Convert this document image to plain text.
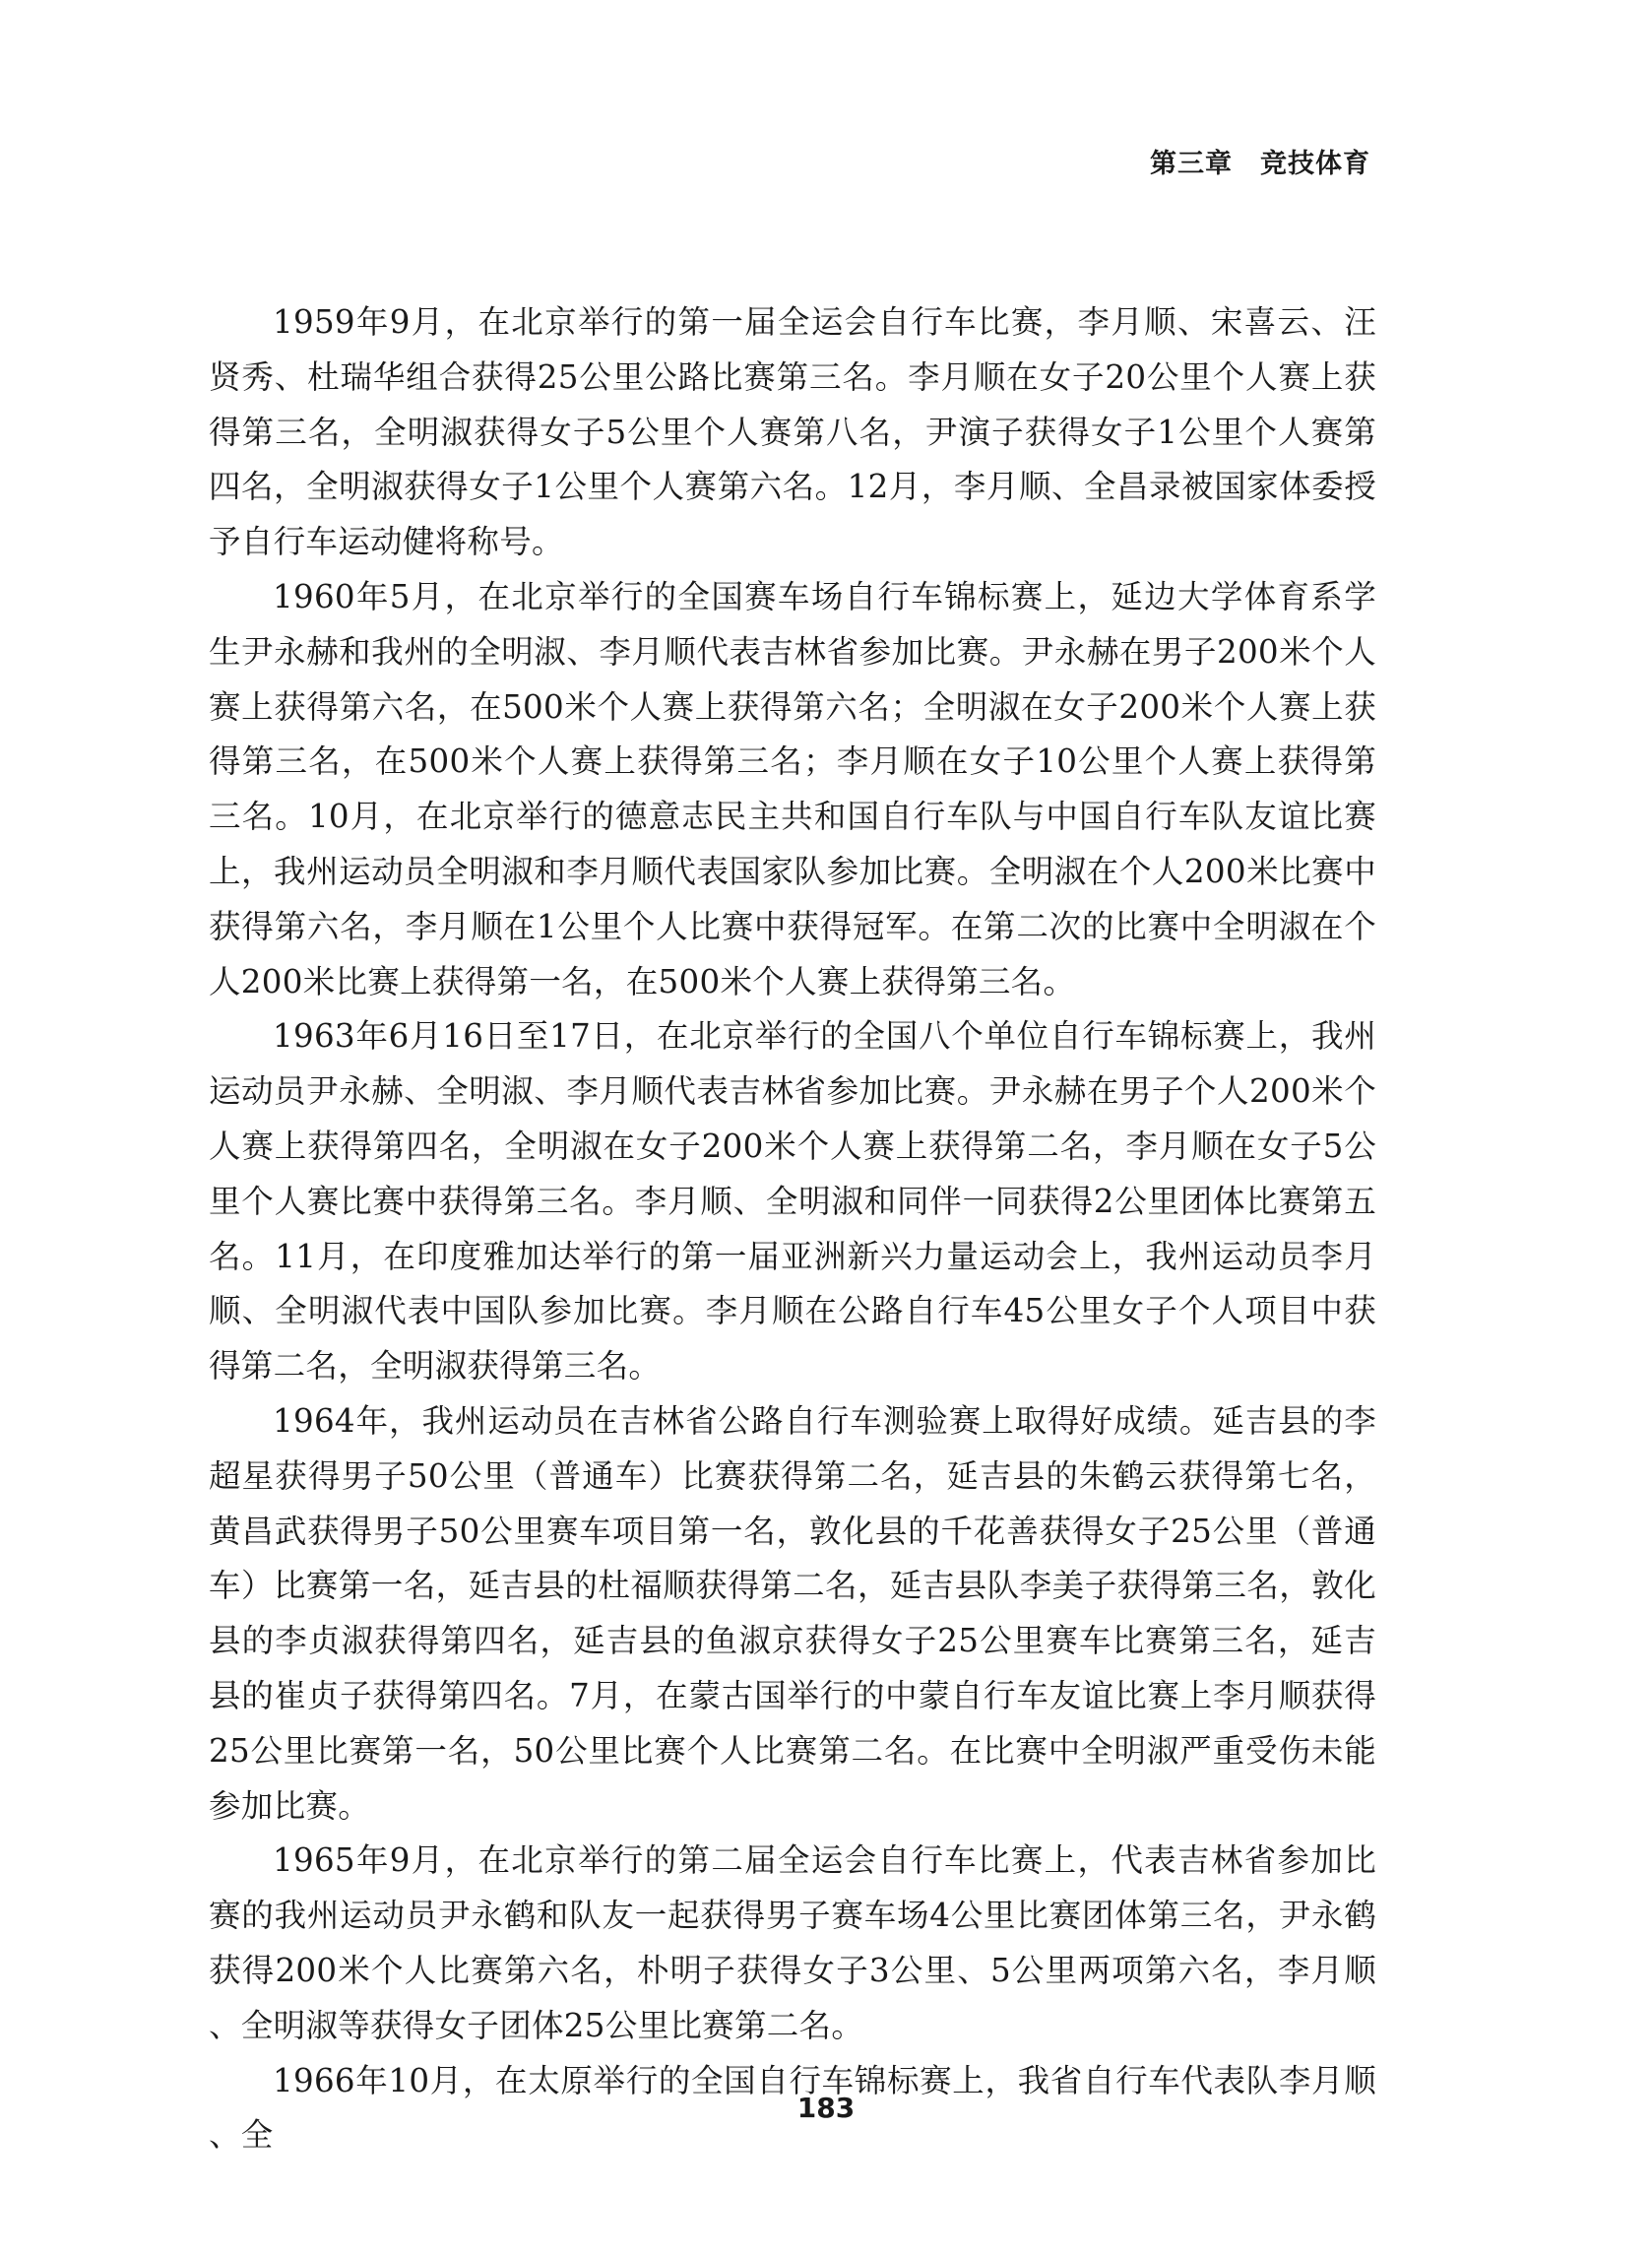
第三章　竞技体育

1959年9月，在北京举行的第一届全运会自行车比赛，李月顺、宋喜云、汪贤秀、杜瑞华组合获得25公里公路比赛第三名。李月顺在女子20公里个人赛上获得第三名，全明淑获得女子5公里个人赛第八名，尹演子获得女子1公里个人赛第四名，全明淑获得女子1公里个人赛第六名。12月，李月顺、全昌录被国家体委授予自行车运动健将称号。

1960年5月，在北京举行的全国赛车场自行车锦标赛上，延边大学体育系学生尹永赫和我州的全明淑、李月顺代表吉林省参加比赛。尹永赫在男子200米个人赛上获得第六名，在500米个人赛上获得第六名；全明淑在女子200米个人赛上获得第三名，在500米个人赛上获得第三名；李月顺在女子10公里个人赛上获得第三名。10月，在北京举行的德意志民主共和国自行车队与中国自行车队友谊比赛上，我州运动员全明淑和李月顺代表国家队参加比赛。全明淑在个人200米比赛中获得第六名，李月顺在1公里个人比赛中获得冠军。在第二次的比赛中全明淑在个人200米比赛上获得第一名，在500米个人赛上获得第三名。

1963年6月16日至17日，在北京举行的全国八个单位自行车锦标赛上，我州运动员尹永赫、全明淑、李月顺代表吉林省参加比赛。尹永赫在男子个人200米个人赛上获得第四名，全明淑在女子200米个人赛上获得第二名，李月顺在女子5公里个人赛比赛中获得第三名。李月顺、全明淑和同伴一同获得2公里团体比赛第五名。11月，在印度雅加达举行的第一届亚洲新兴力量运动会上，我州运动员李月顺、全明淑代表中国队参加比赛。李月顺在公路自行车45公里女子个人项目中获得第二名，全明淑获得第三名。

1964年，我州运动员在吉林省公路自行车测验赛上取得好成绩。延吉县的李超星获得男子50公里（普通车）比赛获得第二名，延吉县的朱鹤云获得第七名，黄昌武获得男子50公里赛车项目第一名，敦化县的千花善获得女子25公里（普通车）比赛第一名，延吉县的杜福顺获得第二名，延吉县队李美子获得第三名，敦化县的李贞淑获得第四名，延吉县的鱼淑京获得女子25公里赛车比赛第三名，延吉县的崔贞子获得第四名。7月，在蒙古国举行的中蒙自行车友谊比赛上李月顺获得25公里比赛第一名，50公里比赛个人比赛第二名。在比赛中全明淑严重受伤未能参加比赛。

1965年9月，在北京举行的第二届全运会自行车比赛上，代表吉林省参加比赛的我州运动员尹永鹤和队友一起获得男子赛车场4公里比赛团体第三名，尹永鹤获得200米个人比赛第六名，朴明子获得女子3公里、5公里两项第六名，李月顺、全明淑等获得女子团体25公里比赛第二名。

1966年10月，在太原举行的全国自行车锦标赛上，我省自行车代表队李月顺、全

183
